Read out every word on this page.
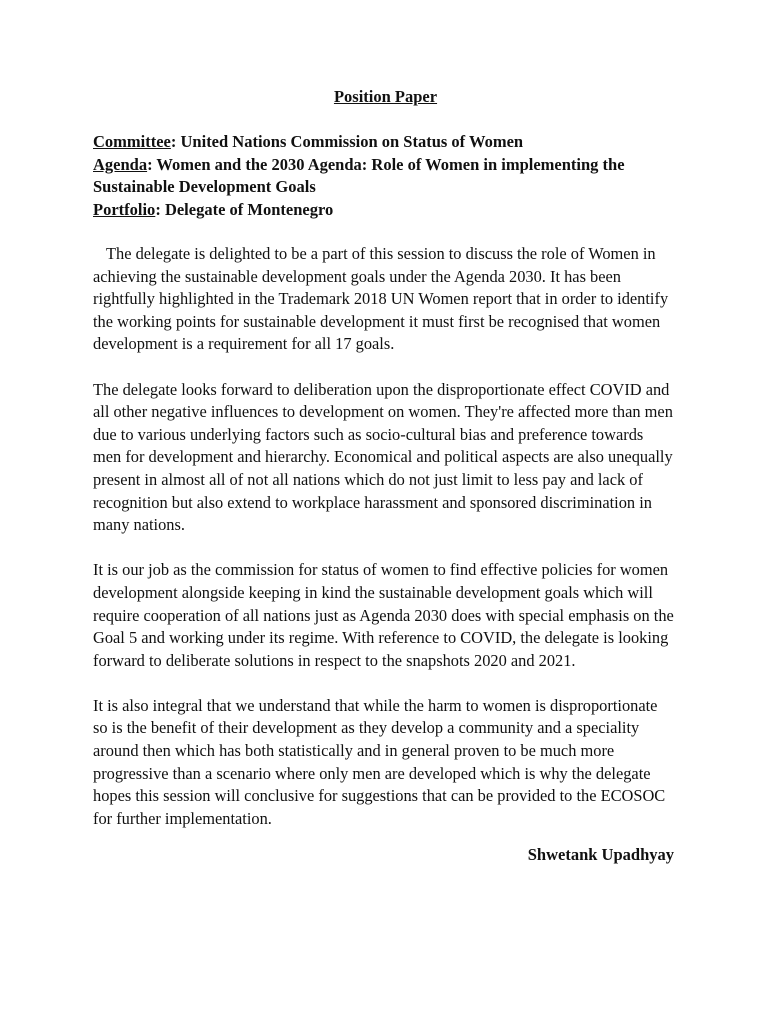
Position Paper

Committee: United Nations Commission on Status of Women

Agenda: Women and the 2030 Agenda: Role of Women in implementing the Sustainable Development Goals

Portfolio: Delegate of Montenegro

The delegate is delighted to be a part of this session to discuss the role of Women in achieving the sustainable development goals under the Agenda 2030. It has been rightfully highlighted in the Trademark 2018 UN Women report that in order to identify the working points for sustainable development it must first be recognised that women development is a requirement for all 17 goals.

The delegate looks forward to deliberation upon the disproportionate effect COVID and all other negative influences to development on women. They're affected more than men due to various underlying factors such as socio-cultural bias and preference towards men for development and hierarchy. Economical and political aspects are also unequally present in almost all of not all nations which do not just limit to less pay and lack of recognition but also extend to workplace harassment and sponsored discrimination in many nations.

It is our job as the commission for status of women to find effective policies for women development alongside keeping in kind the sustainable development goals which will require cooperation of all nations just as Agenda 2030 does with special emphasis on the Goal 5 and working under its regime. With reference to COVID, the delegate is looking forward to deliberate solutions in respect to the snapshots 2020 and 2021.

It is also integral that we understand that while the harm to women is disproportionate so is the benefit of their development as they develop a community and a speciality around then which has both statistically and in general proven to be much more progressive than a scenario where only men are developed which is why the delegate hopes this session will conclusive for suggestions that can be provided to the ECOSOC for further implementation.

Shwetank Upadhyay
